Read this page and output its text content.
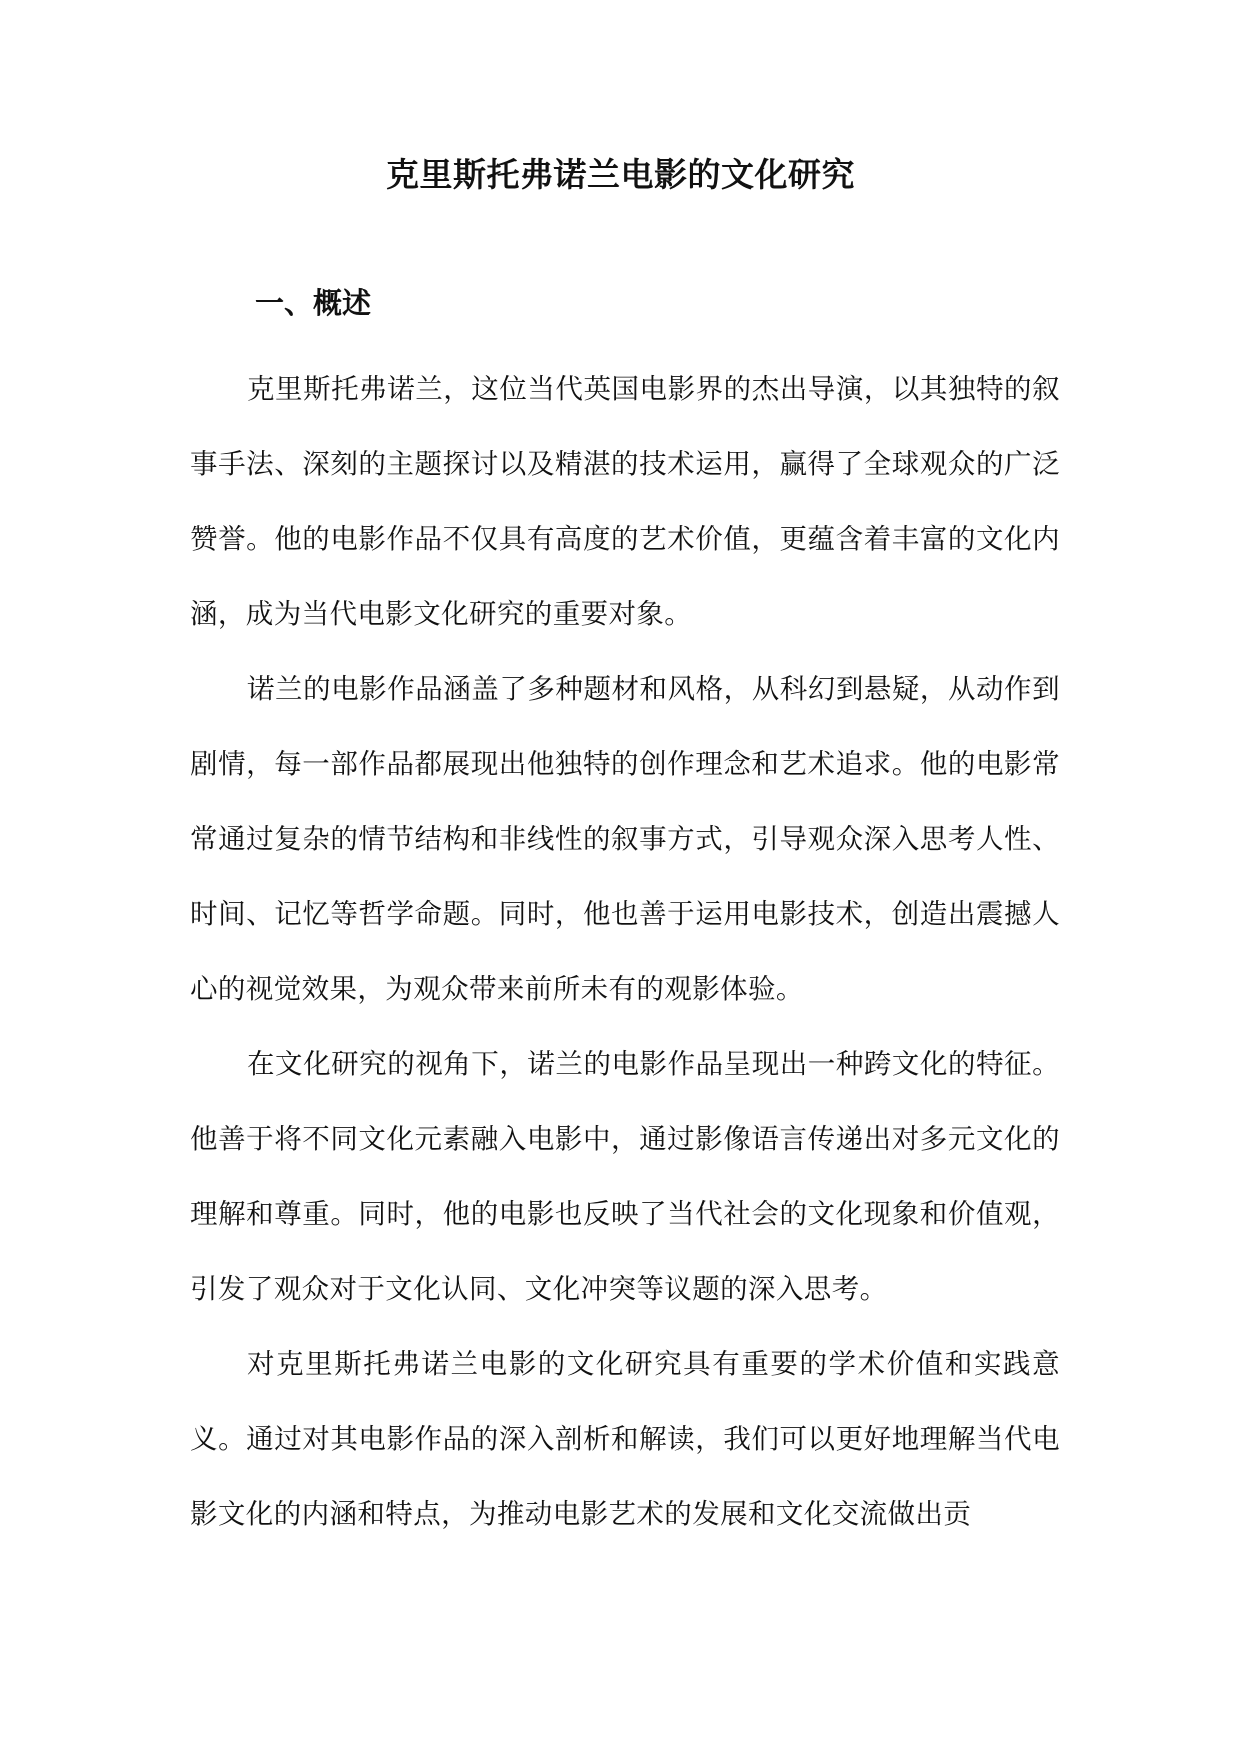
克里斯托弗诺兰电影的文化研究
一、概述

克里斯托弗诺兰，这位当代英国电影界的杰出导演，以其独特的叙事手法、深刻的主题探讨以及精湛的技术运用，赢得了全球观众的广泛赞誉。他的电影作品不仅具有高度的艺术价值，更蕴含着丰富的文化内涵，成为当代电影文化研究的重要对象。

诺兰的电影作品涵盖了多种题材和风格，从科幻到悬疑，从动作到剧情，每一部作品都展现出他独特的创作理念和艺术追求。他的电影常常通过复杂的情节结构和非线性的叙事方式，引导观众深入思考人性、时间、记忆等哲学命题。同时，他也善于运用电影技术，创造出震撼人心的视觉效果，为观众带来前所未有的观影体验。

在文化研究的视角下，诺兰的电影作品呈现出一种跨文化的特征。他善于将不同文化元素融入电影中，通过影像语言传递出对多元文化的理解和尊重。同时，他的电影也反映了当代社会的文化现象和价值观，引发了观众对于文化认同、文化冲突等议题的深入思考。

对克里斯托弗诺兰电影的文化研究具有重要的学术价值和实践意义。通过对其电影作品的深入剖析和解读，我们可以更好地理解当代电影文化的内涵和特点，为推动电影艺术的发展和文化交流做出贡
